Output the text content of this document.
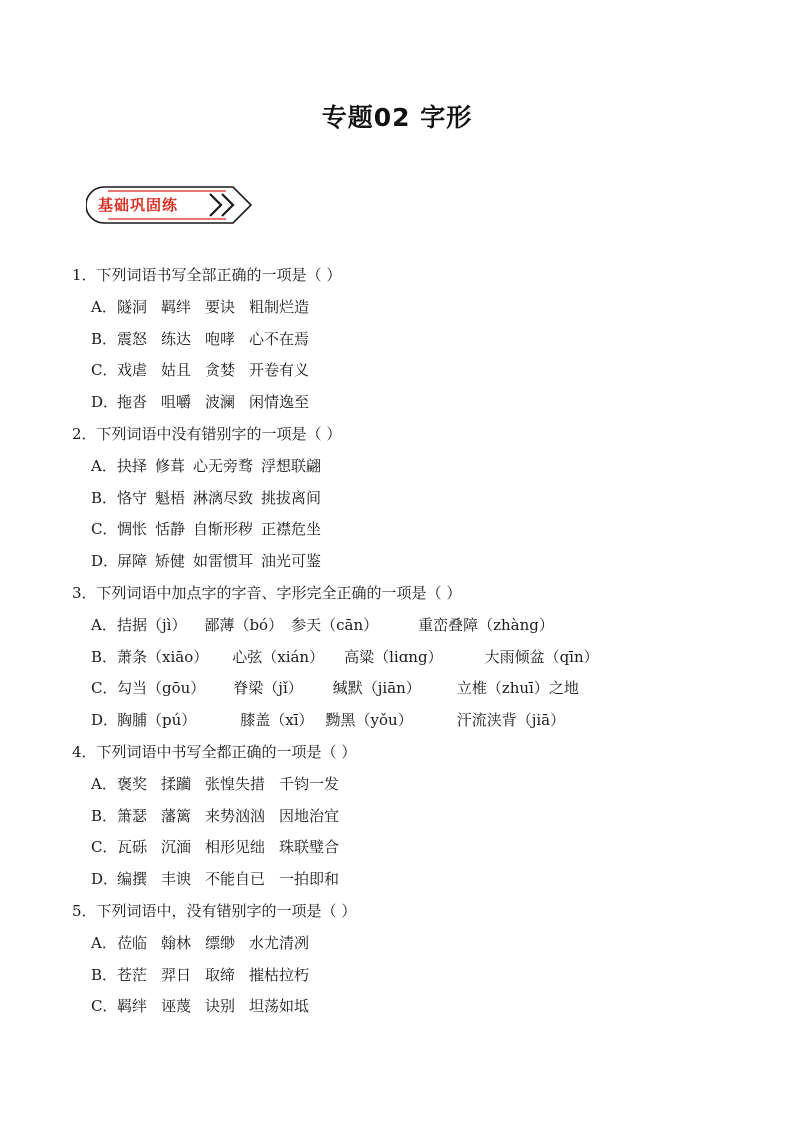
专题02 字形
基础巩固练
1．下列词语书写全部正确的一项是（ ）
A．隧洞 羁绊 要诀 粗制烂造
B．震怒 练达 咆哮 心不在焉
C．戏虐 姑且 贪婪 开卷有义
D．拖沓 咀嚼 波澜 闲情逸至
2．下列词语中没有错别字的一项是（ ）
A．抉择 修葺 心无旁骛 浮想联翩
B．恪守 魁梧 淋漓尽致 挑拔离间
C．惆怅 恬静 自惭形秽 正襟危坐
D．屏障 矫健 如雷惯耳 油光可鉴
3．下列词语中加点字的字音、字形完全正确的一项是（ ）
A．拮据（jì） 鄙薄（bó） 参天（cān）	重峦叠障（zhàng）
B．萧条（xiāo） 心弦（xián） 高粱（liɑng）	大雨倾盆（qīn）
C．勾当（gōu） 脊梁（jǐ） 缄默（jiān） 立椎（zhuī）之地
D．胸脯（pú）	膝盖（xī） 黝黑（yǒu）	汗流浃背（jiā）
4．下列词语中书写全都正确的一项是（ ）
A．褒奖 揉躏 张惶失措 千钧一发
B．箫瑟 藩篱 来势汹汹 因地治宜
C．瓦砾 沉湎 相形见绌 珠联璧合
D．编撰 丰谀 不能自已 一拍即和
5．下列词语中，没有错别字的一项是（ ）
A．莅临 翰林 缥缈 水尤清冽
B．苍茫 羿日 取缔 摧枯拉朽
C．羁绊 诬蔑 诀别 坦荡如坻
